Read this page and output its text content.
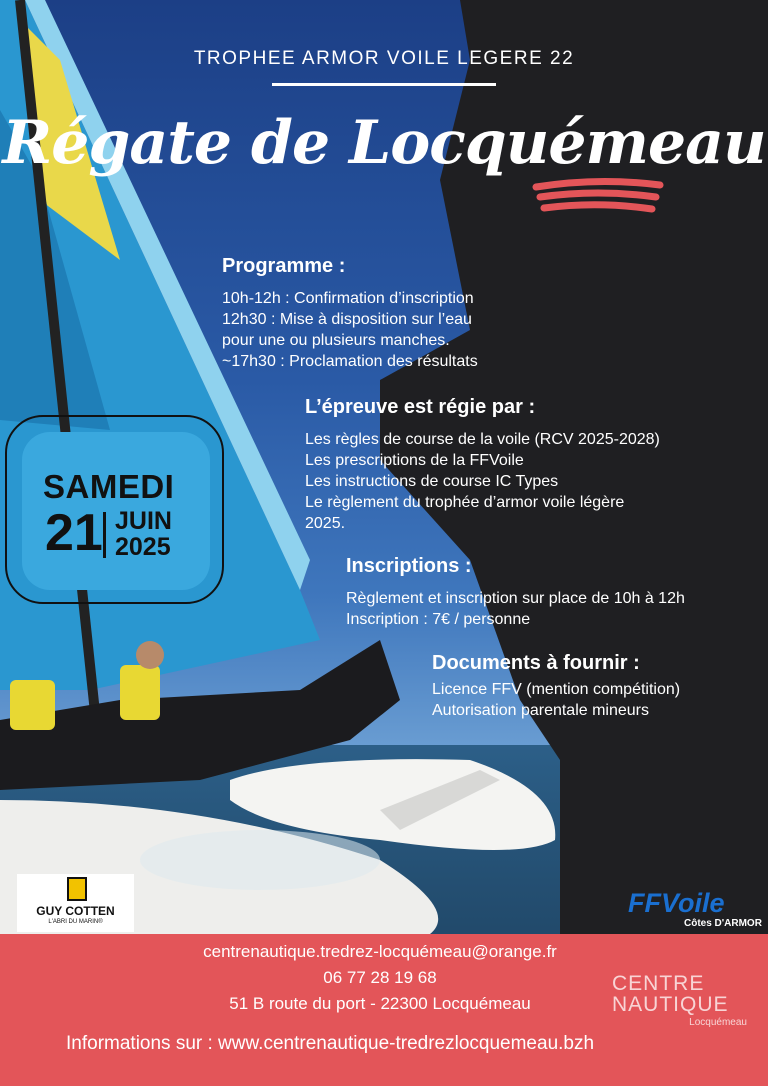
TROPHEE ARMOR VOILE LEGERE 22
Régate de Locquémeau
Programme :
10h-12h : Confirmation d’inscription
12h30 : Mise à disposition sur l’eau
pour une ou plusieurs manches.
~17h30 : Proclamation des résultats
L’épreuve est régie par :
Les règles de course de la voile (RCV 2025-2028)
Les prescriptions de la FFVoile
Les instructions de course IC Types
Le règlement du trophée d’armor voile légère
2025.
Inscriptions :
Règlement et inscription sur place de 10h à 12h
Inscription : 7€ / personne
Documents à fournir :
Licence FFV (mention compétition)
Autorisation parentale mineurs
SAMEDI
21 JUIN
2025
GUY COTTEN
L'ABRI DU MARIN®
FFVoile
Côtes D'ARMOR
centrenautique.tredrez-locquémeau@orange.fr
06 77 28 19 68
51 B route du port - 22300 Locquémeau
CENTRE
NAUTIQUE
Locquémeau
Informations sur : www.centrenautique-tredrezlocquemeau.bzh
